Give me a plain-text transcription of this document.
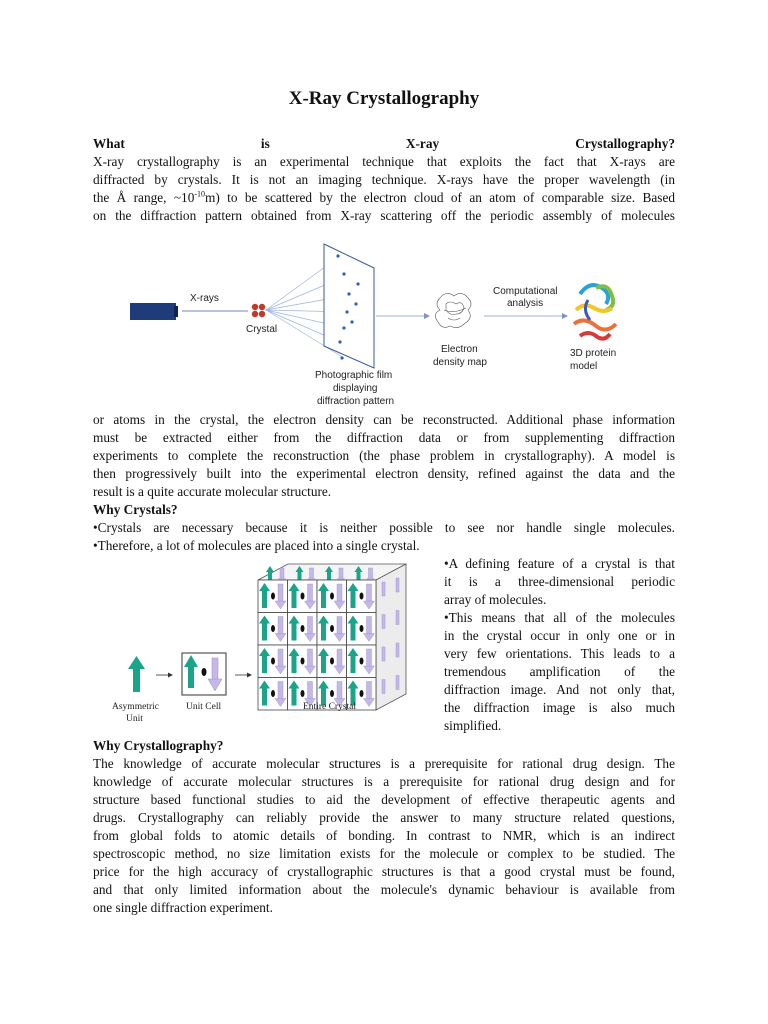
X-Ray Crystallography
What is X-ray Crystallography?
X-ray crystallography is an experimental technique that exploits the fact that X-rays are
diffracted by crystals. It is not an imaging technique. X-rays have the proper wavelength (in
the Å range, $\sim 10^{-10}m$) to be scattered by the electron cloud of an atom of comparable size. Based
on the diffraction pattern obtained from X-ray scattering off the periodic assembly of molecules
X-rays
Crystal
Photographic film
displaying
diffraction pattern
Electron
density map
Computational
analysis
3D protein
model
or atoms in the crystal, the electron density can be reconstructed. Additional phase information
must be extracted either from the diffraction data or from supplementing diffraction
experiments to complete the reconstruction (the phase problem in crystallography). A model is
then progressively built into the experimental electron density, refined against the data and the
result is a quite accurate molecular structure.
Why Crystals?
•Crystals are necessary because it is neither possible to see nor handle single molecules.
•Therefore, a lot of molecules are placed into a single crystal.
Asymmetric
Unit
Unit Cell	Entire Crystal
•A defining feature of a crystal is that
it is a three-dimensional periodic
array of molecules.
•This means that all of the molecules
in the crystal occur in only one or in
very few orientations. This leads to a
tremendous amplification of the
diffraction image. And not only that,
the diffraction image is also much
simplified.
Why Crystallography?
The knowledge of accurate molecular structures is a prerequisite for rational drug design. The
knowledge of accurate molecular structures is a prerequisite for rational drug design and for
structure based functional studies to aid the development of effective therapeutic agents and
drugs. Crystallography can reliably provide the answer to many structure related questions,
from global folds to atomic details of bonding. In contrast to NMR, which is an indirect
spectroscopic method, no size limitation exists for the molecule or complex to be studied. The
price for the high accuracy of crystallographic structures is that a good crystal must be found,
and that only limited information about the molecule's dynamic behaviour is available from
one single diffraction experiment.
